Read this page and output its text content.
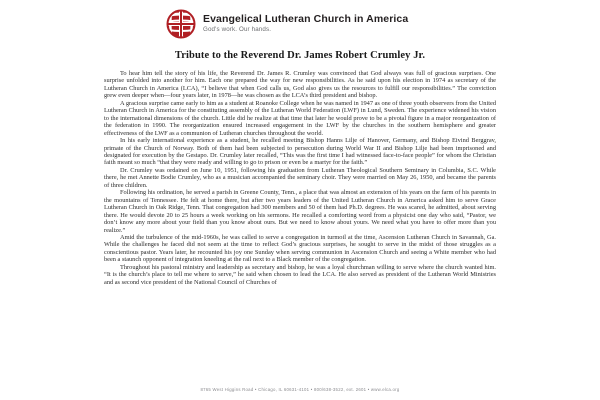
Evangelical Lutheran Church in America
God's work. Our hands.
Tribute to the Reverend Dr. James Robert Crumley Jr.

To hear him tell the story of his life, the Reverend Dr. James R. Crumley was convinced that God always was full of gracious surprises. One surprise unfolded into another for him. Each one prepared the way for new responsibilities. As he said upon his election in 1974 as secretary of the Lutheran Church in America (LCA), “I believe that when God calls us, God also gives us the resources to fulfill our responsibilities.” The conviction grew even deeper when—four years later, in 1978—he was chosen as the LCA’s third president and bishop.

A gracious surprise came early to him as a student at Roanoke College when he was named in 1947 as one of three youth observers from the United Lutheran Church in America for the constituting assembly of the Lutheran World Federation (LWF) in Lund, Sweden. The experience widened his vision to the international dimensions of the church. Little did he realize at that time that later he would prove to be a pivotal figure in a major reorganization of the federation in 1990. The reorganization ensured increased engagement in the LWF by the churches in the southern hemisphere and greater effectiveness of the LWF as a communion of Lutheran churches throughout the world.

In his early international experience as a student, he recalled meeting Bishop Hanns Lilje of Hanover, Germany, and Bishop Eivind Berggrav, primate of the Church of Norway. Both of them had been subjected to persecution during World War II and Bishop Lilje had been imprisoned and designated for execution by the Gestapo. Dr. Crumley later recalled, “This was the first time I had witnessed face-to-face people” for whom the Christian faith meant so much “that they were ready and willing to go to prison or even be a martyr for the faith.”

Dr. Crumley was ordained on June 10, 1951, following his graduation from Lutheran Theological Southern Seminary in Columbia, S.C. While there, he met Annette Bodie Crumley, who as a musician accompanied the seminary choir. They were married on May 26, 1950, and became the parents of three children.

Following his ordination, he served a parish in Greene County, Tenn., a place that was almost an extension of his years on the farm of his parents in the mountains of Tennessee. He felt at home there, but after two years leaders of the United Lutheran Church in America asked him to serve Grace Lutheran Church in Oak Ridge, Tenn. That congregation had 300 members and 50 of them had Ph.D. degrees. He was scared, he admitted, about serving there. He would devote 20 to 25 hours a week working on his sermons. He recalled a comforting word from a physicist one day who said, “Pastor, we don’t know any more about your field than you know about ours. But we need to know about yours. We need what you have to offer more than you realize.”

Amid the turbulence of the mid-1960s, he was called to serve a congregation in turmoil at the time, Ascension Lutheran Church in Savannah, Ga. While the challenges he faced did not seem at the time to reflect God’s gracious surprises, he sought to serve in the midst of those struggles as a conscientious pastor. Years later, he recounted his joy one Sunday when serving communion in Ascension Church and seeing a White member who had been a staunch opponent of integration kneeling at the rail next to a Black member of the congregation.

Throughout his pastoral ministry and leadership as secretary and bishop, he was a loyal churchman willing to serve where the church wanted him. “It is the church’s place to tell me where to serve,” he said when chosen to lead the LCA. He also served as president of the Lutheran World Ministries and as second vice president of the National Council of Churches of

8765 West Higgins Road • Chicago, IL 60631-4101 • 800/638-3522, ext. 2601 • www.elca.org
